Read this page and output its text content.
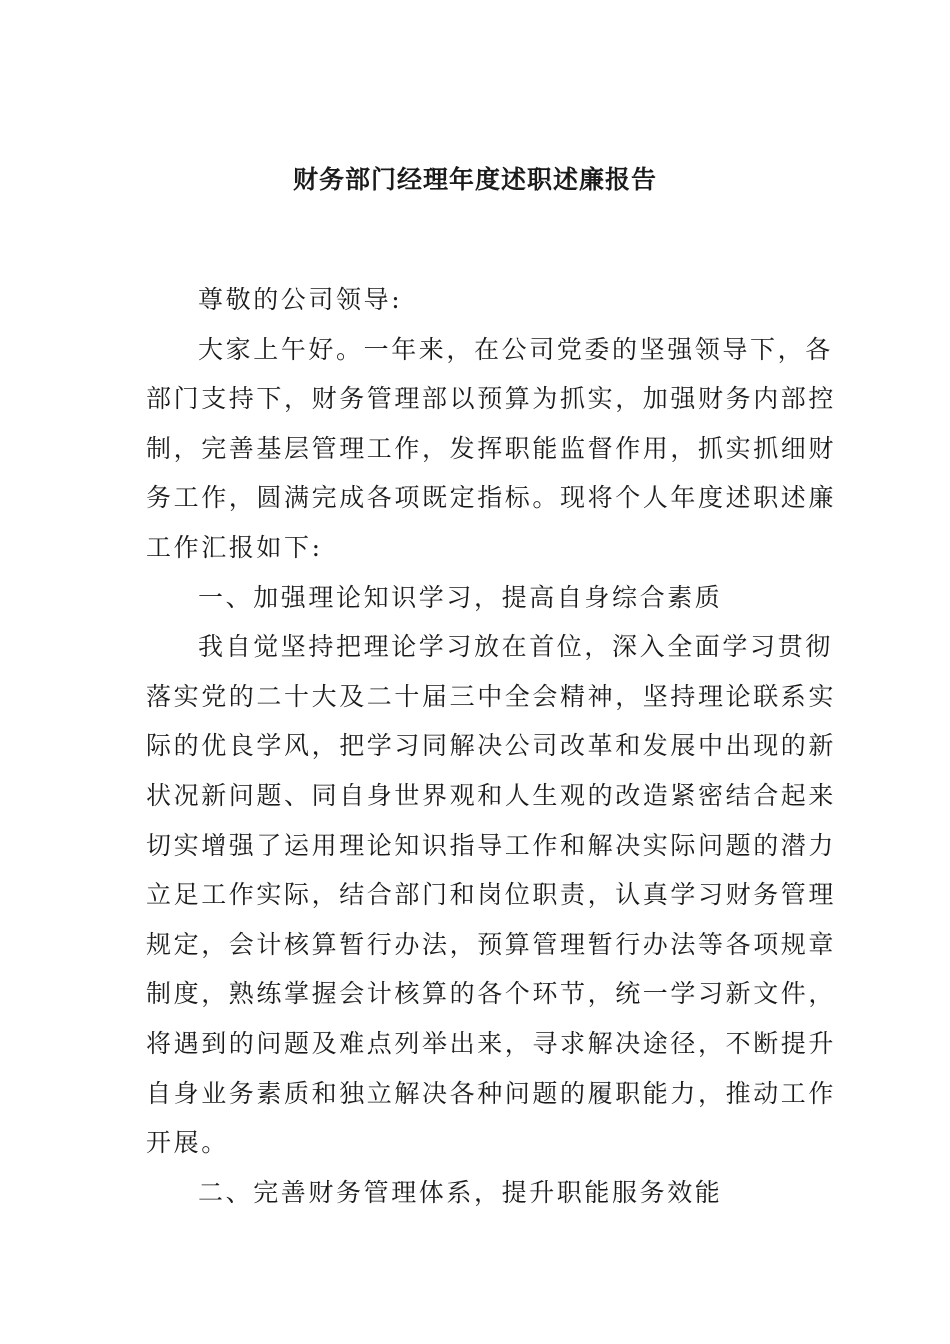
财务部门经理年度述职述廉报告

尊敬的公司领导:

大家上午好。一年来，在公司党委的坚强领导下，各
部门支持下，财务管理部以预算为抓实，加强财务内部控
制，完善基层管理工作，发挥职能监督作用，抓实抓细财
务工作，圆满完成各项既定指标。现将个人年度述职述廉
工作汇报如下:

一、加强理论知识学习，提高自身综合素质

我自觉坚持把理论学习放在首位，深入全面学习贯彻
落实党的二十大及二十届三中全会精神，坚持理论联系实
际的优良学风，把学习同解决公司改革和发展中出现的新
状况新问题、同自身世界观和人生观的改造紧密结合起来
切实增强了运用理论知识指导工作和解决实际问题的潜力
立足工作实际，结合部门和岗位职责，认真学习财务管理
规定，会计核算暂行办法，预算管理暂行办法等各项规章
制度，熟练掌握会计核算的各个环节，统一学习新文件，
将遇到的问题及难点列举出来，寻求解决途径，不断提升
自身业务素质和独立解决各种问题的履职能力，推动工作
开展。

二、完善财务管理体系，提升职能服务效能
